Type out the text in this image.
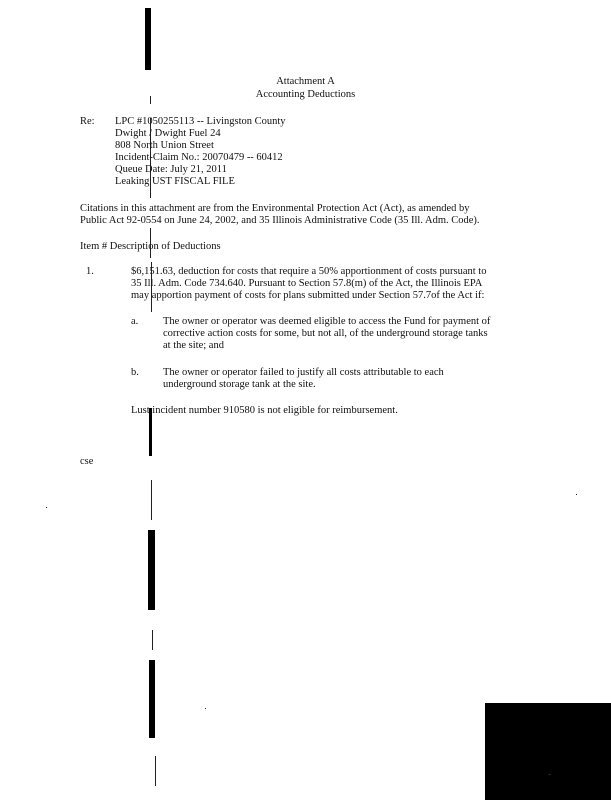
Attachment A
Accounting Deductions
Re: LPC #1050255113 -- Livingston County
Dwight / Dwight Fuel 24
808 North Union Street
Incident-Claim No.: 20070479 -- 60412
Queue Date: July 21, 2011
Leaking UST FISCAL FILE
Citations in this attachment are from the Environmental Protection Act (Act), as amended by
Public Act 92-0554 on June 24, 2002, and 35 Illinois Administrative Code (35 Ill. Adm. Code).
Item # Description of Deductions
1.	$6,151.63, deduction for costs that require a 50% apportionment of costs pursuant to
35 Ill. Adm. Code 734.640. Pursuant to Section 57.8(m) of the Act, the Illinois EPA
may apportion payment of costs for plans submitted under Section 57.7of the Act if:
a. The owner or operator was deemed eligible to access the Fund for payment of
corrective action costs for some, but not all, of the underground storage tanks
at the site; and
b. The owner or operator failed to justify all costs attributable to each
underground storage tank at the site.
Lust incident number 910580 is not eligible for reimbursement.
cse
